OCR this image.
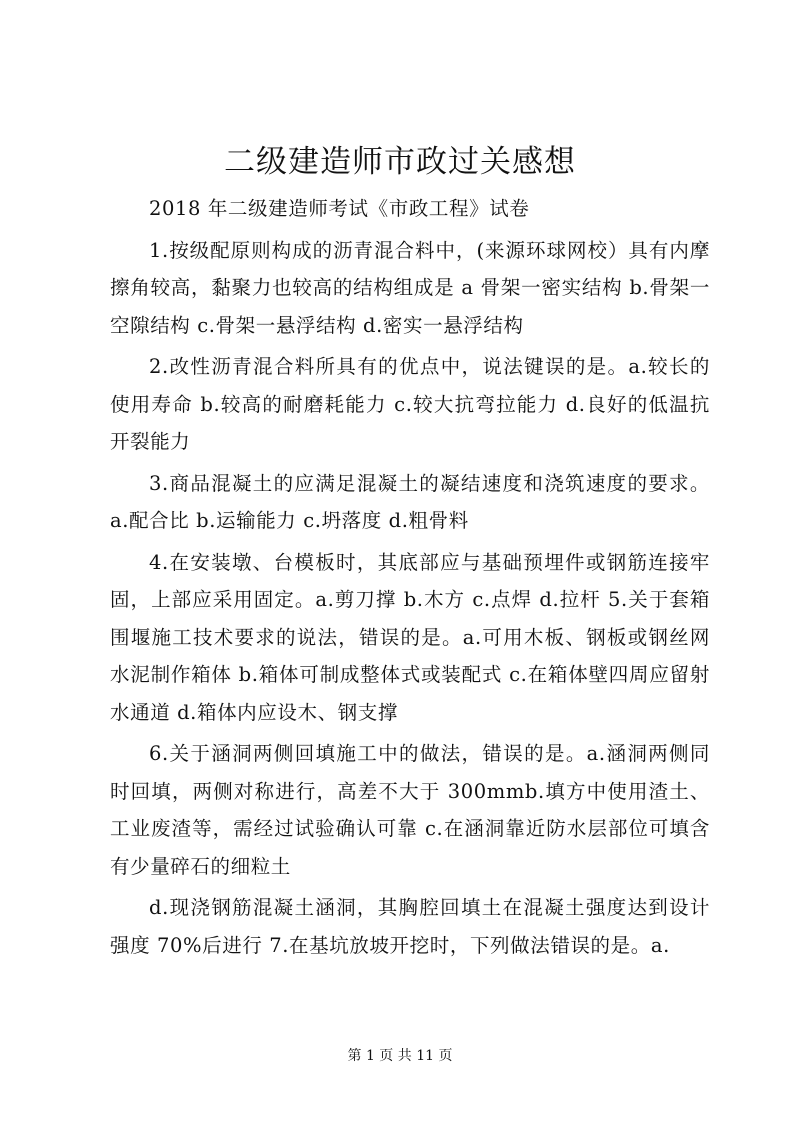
二级建造师市政过关感想

2018 年二级建造师考试《市政工程》试卷

1.按级配原则构成的沥青混合料中，(来源环球网校）具有内摩擦角较高，黏聚力也较高的结构组成是 a 骨架一密实结构 b.骨架一空隙结构 c.骨架一悬浮结构 d.密实一悬浮结构

2.改性沥青混合料所具有的优点中，说法键误的是。a.较长的使用寿命 b.较高的耐磨耗能力 c.较大抗弯拉能力 d.良好的低温抗开裂能力

3.商品混凝土的应满足混凝土的凝结速度和浇筑速度的要求。a.配合比 b.运输能力 c.坍落度 d.粗骨料

4.在安装墩、台模板时，其底部应与基础预埋件或钢筋连接牢固，上部应采用固定。a.剪刀撑 b.木方 c.点焊 d.拉杆 5.关于套箱围堰施工技术要求的说法，错误的是。a.可用木板、钢板或钢丝网水泥制作箱体 b.箱体可制成整体式或装配式 c.在箱体壁四周应留射水通道 d.箱体内应设木、钢支撑

6.关于涵洞两侧回填施工中的做法，错误的是。a.涵洞两侧同时回填，两侧对称进行，高差不大于 300mmb.填方中使用渣土、工业废渣等，需经过试验确认可靠 c.在涵洞靠近防水层部位可填含有少量碎石的细粒土

d.现浇钢筋混凝土涵洞，其胸腔回填土在混凝土强度达到设计强度 70%后进行 7.在基坑放坡开挖时，下列做法错误的是。a.

第 1 页 共 11 页
